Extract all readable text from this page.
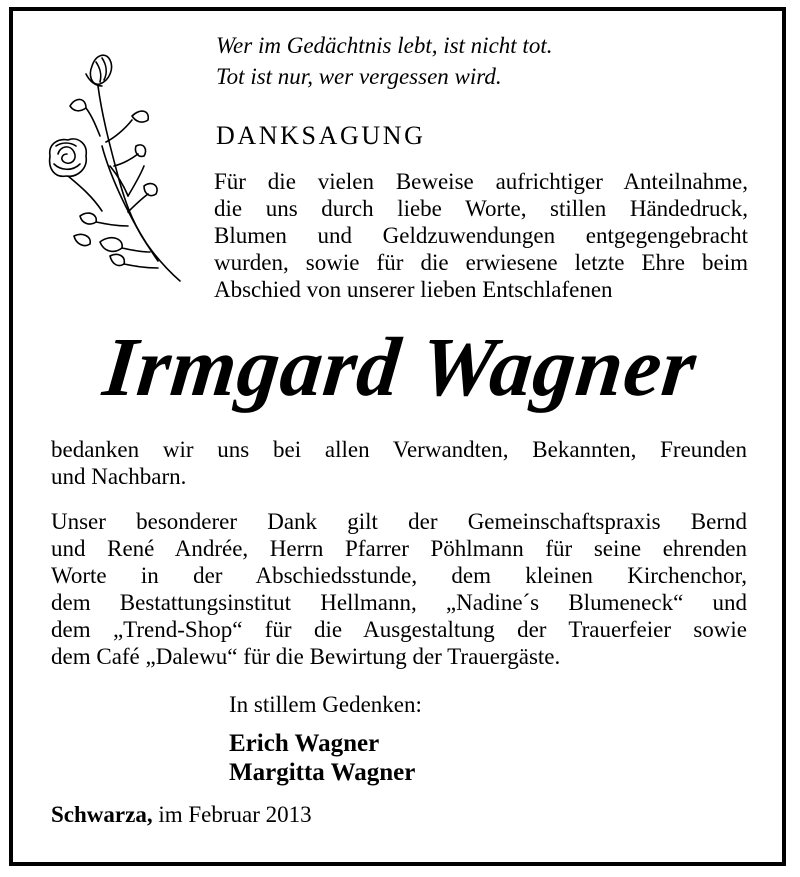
Wer im Gedächtnis lebt, ist nicht tot.
Tot ist nur, wer vergessen wird.
DANKSAGUNG
Für die vielen Beweise aufrichtiger Anteilnahme,
die uns durch liebe Worte, stillen Händedruck,
Blumen und Geldzuwendungen entgegengebracht
wurden, sowie für die erwiesene letzte Ehre beim
Abschied von unserer lieben Entschlafenen
Irmgard Wagner
bedanken wir uns bei allen Verwandten, Bekannten, Freunden
und Nachbarn.
Unser besonderer Dank gilt der Gemeinschaftspraxis Bernd
und René Andrée, Herrn Pfarrer Pöhlmann für seine ehrenden
Worte in der Abschiedsstunde, dem kleinen Kirchenchor,
dem Bestattungsinstitut Hellmann, „Nadine´s Blumeneck“ und
dem „Trend-Shop“ für die Ausgestaltung der Trauerfeier sowie
dem Café „Dalewu“ für die Bewirtung der Trauergäste.
In stillem Gedenken:
Erich Wagner
Margitta Wagner
Schwarza, im Februar 2013
